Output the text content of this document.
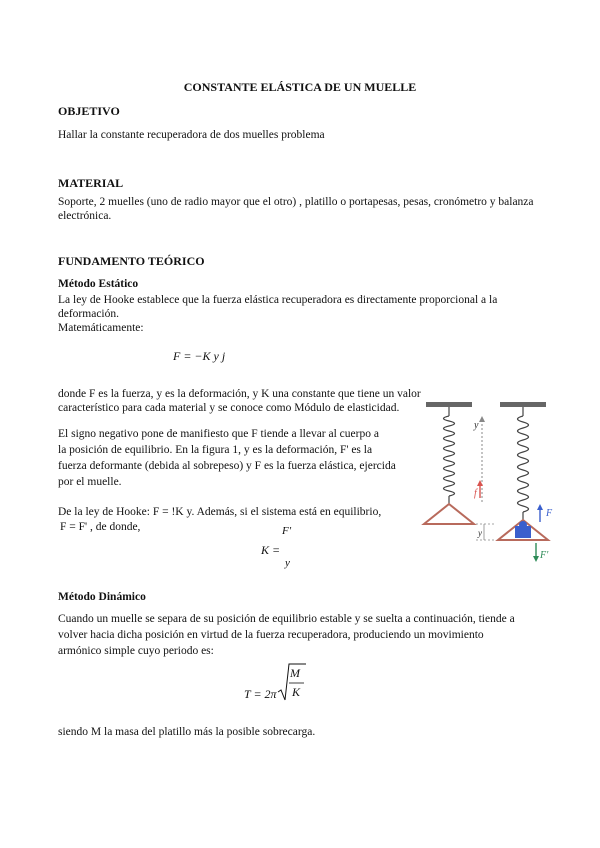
CONSTANTE ELÁSTICA DE UN MUELLE
OBJETIVO
Hallar la constante recuperadora de dos muelles problema
MATERIAL
Soporte, 2 muelles (uno de radio mayor que el otro) , platillo o portapesas, pesas, cronómetro y balanza
electrónica.
FUNDAMENTO TEÓRICO
Método Estático
La ley de Hooke establece que la fuerza elástica recuperadora es directamente proporcional a la
deformación.
Matemáticamente:
F = −K y j
donde F es la fuerza, y es la deformación, y K una constante que tiene un valor
característico para cada material y se conoce como Módulo de elasticidad.
El signo negativo pone de manifiesto que F tiende a llevar al cuerpo a
la posición de equilibrio. En la figura 1, y es la deformación, F' es la
fuerza deformante (debida al sobrepeso) y F es la fuerza elástica, ejercida
por el muelle.
De la ley de Hooke: F = !K y. Además, si el sistema está en equilibrio,
F = F' , de donde,
K =
F'
y
y
f
y
F
F'
Método Dinámico
Cuando un muelle se separa de su posición de equilibrio estable y se suelta a continuación, tiende a
volver hacia dicha posición en virtud de la fuerza recuperadora, produciendo un movimiento
armónico simple cuyo periodo es:
T = 2π
M
K
siendo M la masa del platillo más la posible sobrecarga.
